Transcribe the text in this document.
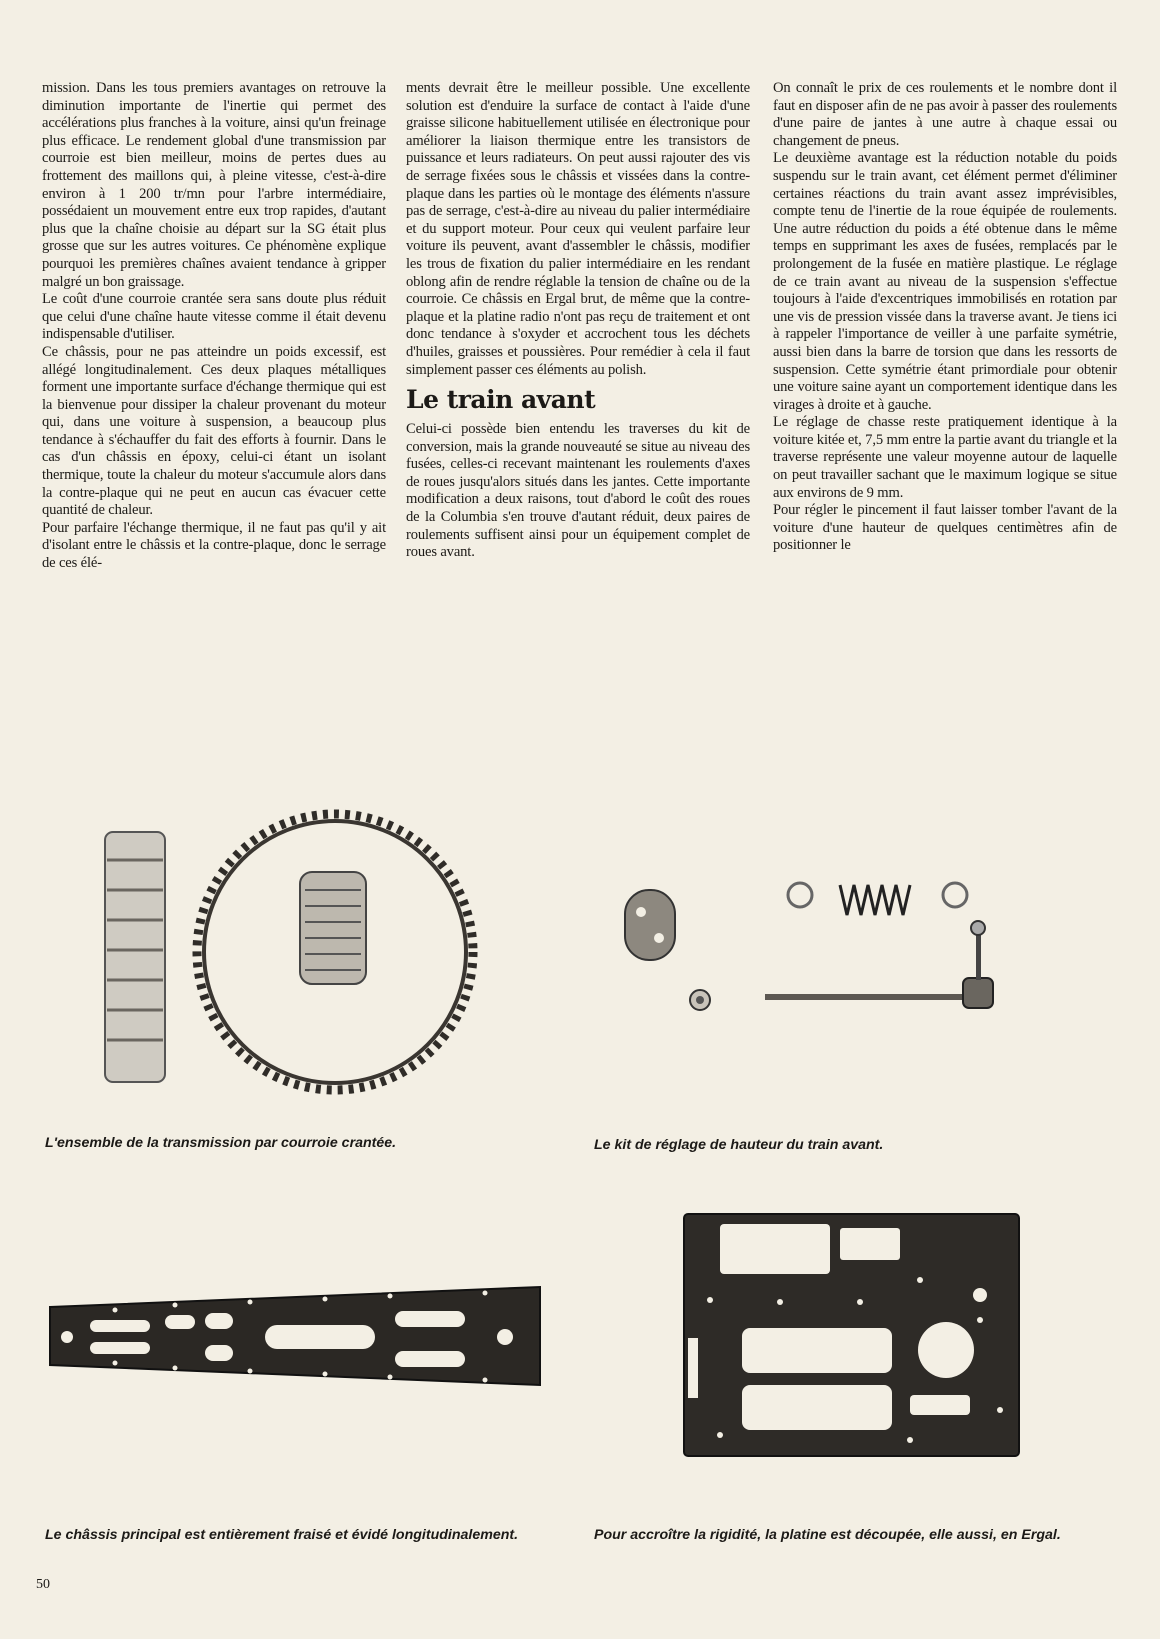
mission. Dans les tous premiers avantages on retrouve la diminution importante de l'inertie qui permet des accélérations plus franches à la voiture, ainsi qu'un freinage plus efficace. Le rendement global d'une transmission par courroie est bien meilleur, moins de pertes dues au frottement des maillons qui, à pleine vitesse, c'est-à-dire environ à 1 200 tr/mn pour l'arbre intermédiaire, possédaient un mouvement entre eux trop rapides, d'autant plus que la chaîne choisie au départ sur la SG était plus grosse que sur les autres voitures. Ce phénomène explique pourquoi les premières chaînes avaient tendance à gripper malgré un bon graissage.

Le coût d'une courroie crantée sera sans doute plus réduit que celui d'une chaîne haute vitesse comme il était devenu indispensable d'utiliser.

Ce châssis, pour ne pas atteindre un poids excessif, est allégé longitudinalement. Ces deux plaques métalliques forment une importante surface d'échange thermique qui est la bienvenue pour dissiper la chaleur provenant du moteur qui, dans une voiture à suspension, a beaucoup plus tendance à s'échauffer du fait des efforts à fournir. Dans le cas d'un châssis en époxy, celui-ci étant un isolant thermique, toute la chaleur du moteur s'accumule alors dans la contre-plaque qui ne peut en aucun cas évacuer cette quantité de chaleur.

Pour parfaire l'échange thermique, il ne faut pas qu'il y ait d'isolant entre le châssis et la contre-plaque, donc le serrage de ces élé-

ments devrait être le meilleur possible. Une excellente solution est d'enduire la surface de contact à l'aide d'une graisse silicone habituellement utilisée en électronique pour améliorer la liaison thermique entre les transistors de puissance et leurs radiateurs. On peut aussi rajouter des vis de serrage fixées sous le châssis et vissées dans la contre-plaque dans les parties où le montage des éléments n'assure pas de serrage, c'est-à-dire au niveau du palier intermédiaire et du support moteur. Pour ceux qui veulent parfaire leur voiture ils peuvent, avant d'assembler le châssis, modifier les trous de fixation du palier intermédiaire en les rendant oblong afin de rendre réglable la tension de chaîne ou de la courroie. Ce châssis en Ergal brut, de même que la contre-plaque et la platine radio n'ont pas reçu de traitement et ont donc tendance à s'oxyder et accrochent tous les déchets d'huiles, graisses et poussières. Pour remédier à cela il faut simplement passer ces éléments au polish.

Le train avant

Celui-ci possède bien entendu les traverses du kit de conversion, mais la grande nouveauté se situe au niveau des fusées, celles-ci recevant maintenant les roulements d'axes de roues jusqu'alors situés dans les jantes. Cette importante modification a deux raisons, tout d'abord le coût des roues de la Columbia s'en trouve d'autant réduit, deux paires de roulements suffisent ainsi pour un équipement complet de roues avant.

On connaît le prix de ces roulements et le nombre dont il faut en disposer afin de ne pas avoir à passer des roulements d'une paire de jantes à une autre à chaque essai ou changement de pneus.

Le deuxième avantage est la réduction notable du poids suspendu sur le train avant, cet élément permet d'éliminer certaines réactions du train avant assez imprévisibles, compte tenu de l'inertie de la roue équipée de roulements. Une autre réduction du poids a été obtenue dans le même temps en supprimant les axes de fusées, remplacés par le prolongement de la fusée en matière plastique. Le réglage de ce train avant au niveau de la suspension s'effectue toujours à l'aide d'excentriques immobilisés en rotation par une vis de pression vissée dans la traverse avant. Je tiens ici à rappeler l'importance de veiller à une parfaite symétrie, aussi bien dans la barre de torsion que dans les ressorts de suspension. Cette symétrie étant primordiale pour obtenir une voiture saine ayant un comportement identique dans les virages à droite et à gauche.

Le réglage de chasse reste pratiquement identique à la voiture kitée et, 7,5 mm entre la partie avant du triangle et la traverse représente une valeur moyenne autour de laquelle on peut travailler sachant que le maximum logique se situe aux environs de 9 mm.

Pour régler le pincement il faut laisser tomber l'avant de la voiture d'une hauteur de quelques centimètres afin de positionner le

L'ensemble de la transmission par courroie crantée.	Le kit de réglage de hauteur du train avant.
Le châssis principal est entièrement fraisé et évidé longitudinalement.	Pour accroître la rigidité, la platine est découpée, elle aussi, en Ergal.
50
